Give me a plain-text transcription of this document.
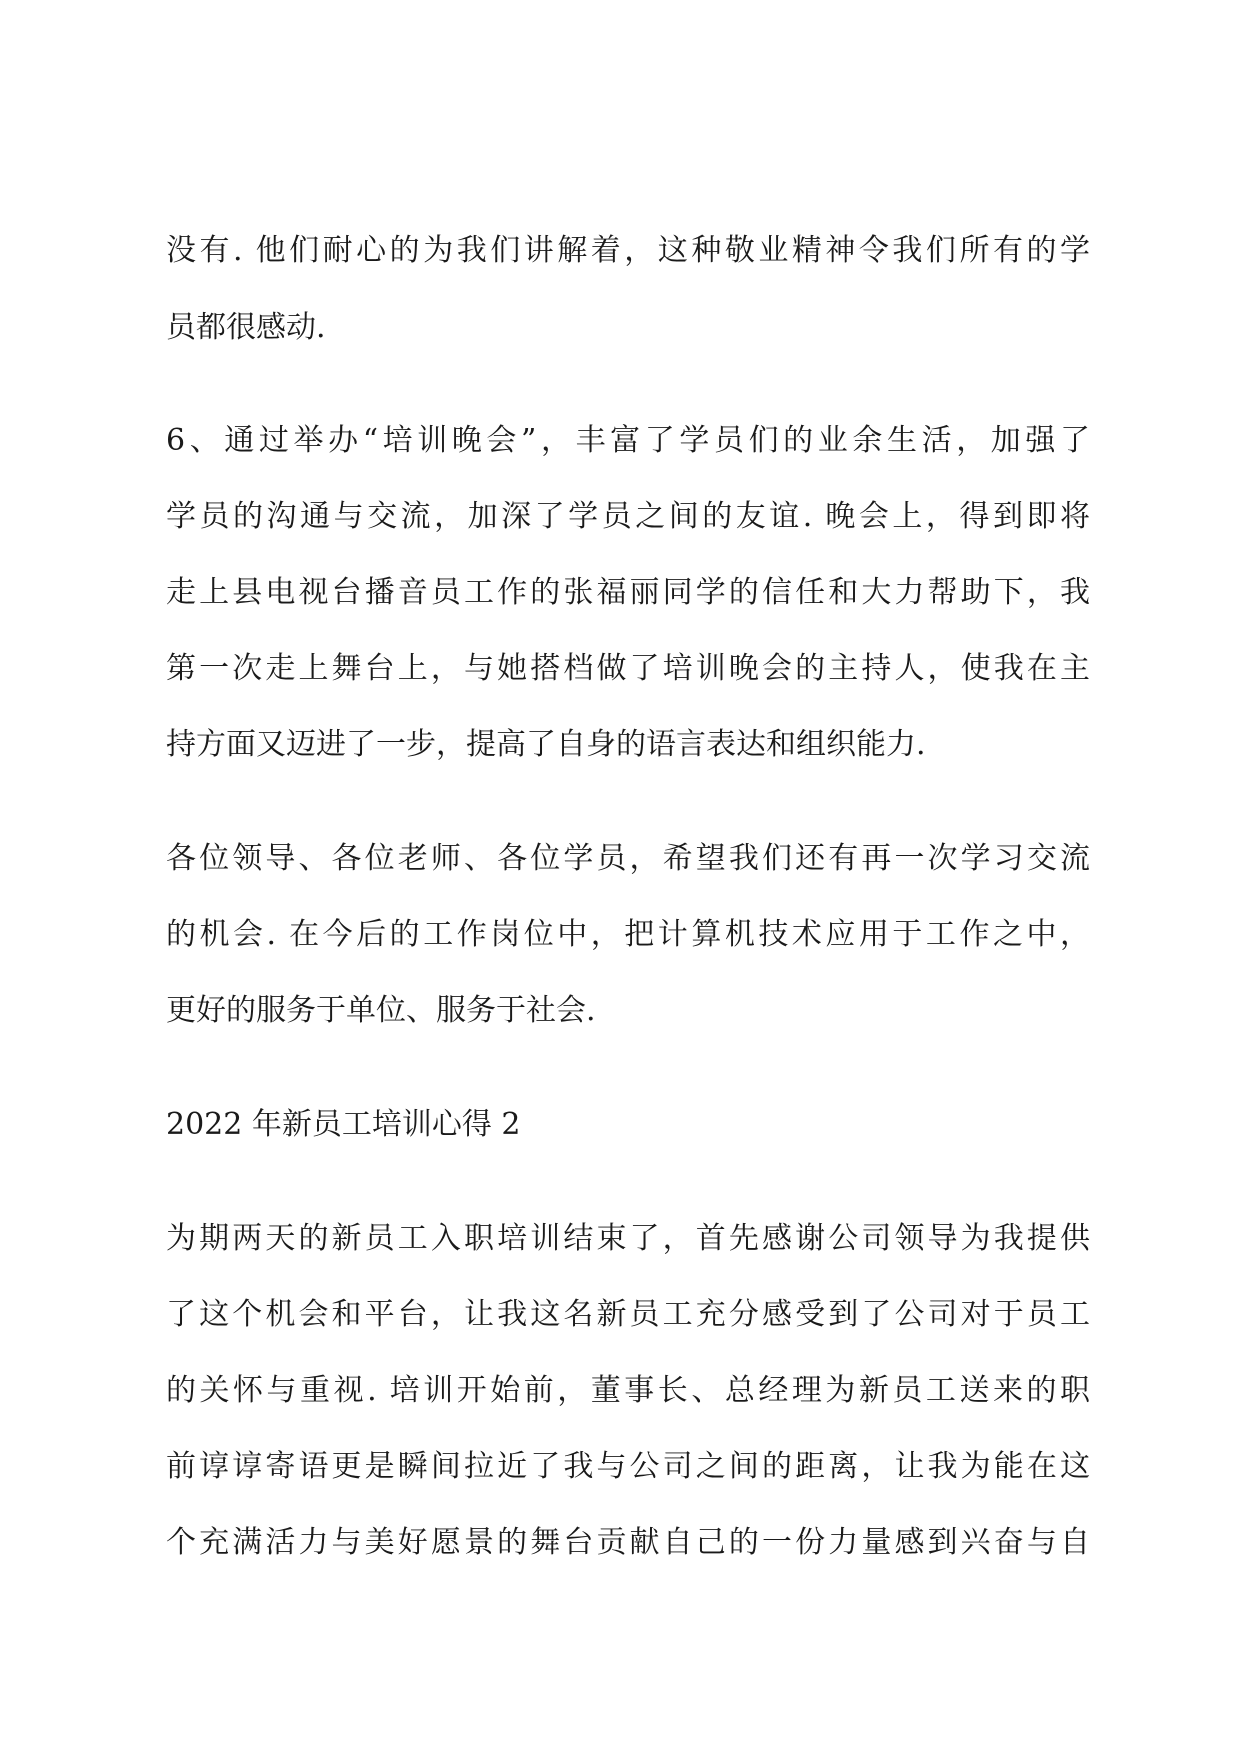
没有. 他们耐心的为我们讲解着，这种敬业精神令我们所有的学

员都很感动.

6、通过举办“培训晚会”，丰富了学员们的业余生活，加强了

学员的沟通与交流，加深了学员之间的友谊. 晚会上，得到即将

走上县电视台播音员工作的张福丽同学的信任和大力帮助下，我

第一次走上舞台上，与她搭档做了培训晚会的主持人，使我在主

持方面又迈进了一步，提高了自身的语言表达和组织能力.

各位领导、各位老师、各位学员，希望我们还有再一次学习交流

的机会. 在今后的工作岗位中，把计算机技术应用于工作之中，

更好的服务于单位、服务于社会.

2022 年新员工培训心得 2

为期两天的新员工入职培训结束了，首先感谢公司领导为我提供

了这个机会和平台，让我这名新员工充分感受到了公司对于员工

的关怀与重视. 培训开始前，董事长、总经理为新员工送来的职

前谆谆寄语更是瞬间拉近了我与公司之间的距离，让我为能在这

个充满活力与美好愿景的舞台贡献自己的一份力量感到兴奋与自
